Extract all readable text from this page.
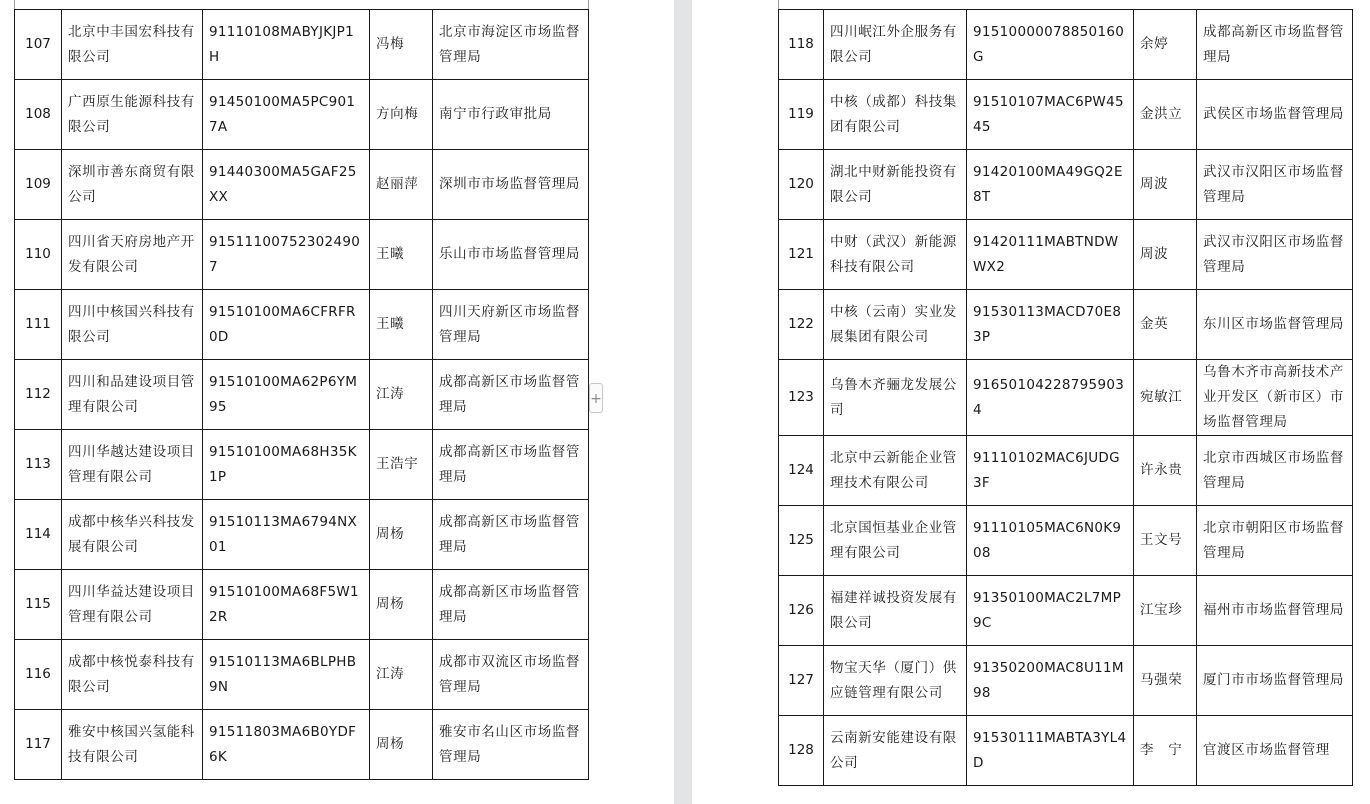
107	北京中丰国宏科技有限公司	91110108MABYJKJP1H	冯梅	北京市海淀区市场监督管理局
108	广西原生能源科技有限公司	91450100MA5PC9017A	方向梅	南宁市行政审批局
109	深圳市善东商贸有限公司	91440300MA5GAF25XX	赵丽萍	深圳市市场监督管理局
110	四川省天府房地产开发有限公司	915111007523024907	王曦	乐山市市场监督管理局
111	四川中核国兴科技有限公司	91510100MA6CFRFR0D	王曦	四川天府新区市场监督管理局
112	四川和品建设项目管理有限公司	91510100MA62P6YM95	江涛	成都高新区市场监督管理局
113	四川华越达建设项目管理有限公司	91510100MA68H35K1P	王浩宇	成都高新区市场监督管理局
114	成都中核华兴科技发展有限公司	91510113MA6794NX01	周杨	成都高新区市场监督管理局
115	四川华益达建设项目管理有限公司	91510100MA68F5W12R	周杨	成都高新区市场监督管理局
116	成都中核悦泰科技有限公司	91510113MA6BLPHB9N	江涛	成都市双流区市场监督管理局
117	雅安中核国兴氢能科技有限公司	91511803MA6B0YDF6K	周杨	雅安市名山区市场监督管理局
+
118	四川岷江外企服务有限公司	91510000078850160G	余婷	成都高新区市场监督管理局
119	中核（成都）科技集团有限公司	91510107MAC6PW4545	金洪立	武侯区市场监督管理局
120	湖北中财新能投资有限公司	91420100MA49GQ2E8T	周波	武汉市汉阳区市场监督管理局
121	中财（武汉）新能源科技有限公司	91420111MABTNDWWX2	周波	武汉市汉阳区市场监督管理局
122	中核（云南）实业发展集团有限公司	91530113MACD70E83P	金英	东川区市场监督管理局
123	乌鲁木齐骊龙发展公司	916501042287959034	宛敏江	乌鲁木齐市高新技术产业开发区（新市区）市场监督管理局
124	北京中云新能企业管理技术有限公司	91110102MAC6JUDG3F	许永贵	北京市西城区市场监督管理局
125	北京国恒基业企业管理有限公司	91110105MAC6N0K908	王文号	北京市朝阳区市场监督管理局
126	福建祥诚投资发展有限公司	91350100MAC2L7MP9C	江宝珍	福州市市场监督管理局
127	物宝天华（厦门）供应链管理有限公司	91350200MAC8U11M98	马强荣	厦门市市场监督管理局
128	云南新安能建设有限公司	91530111MABTA3YL4D	李　宁	官渡区市场监督管理
